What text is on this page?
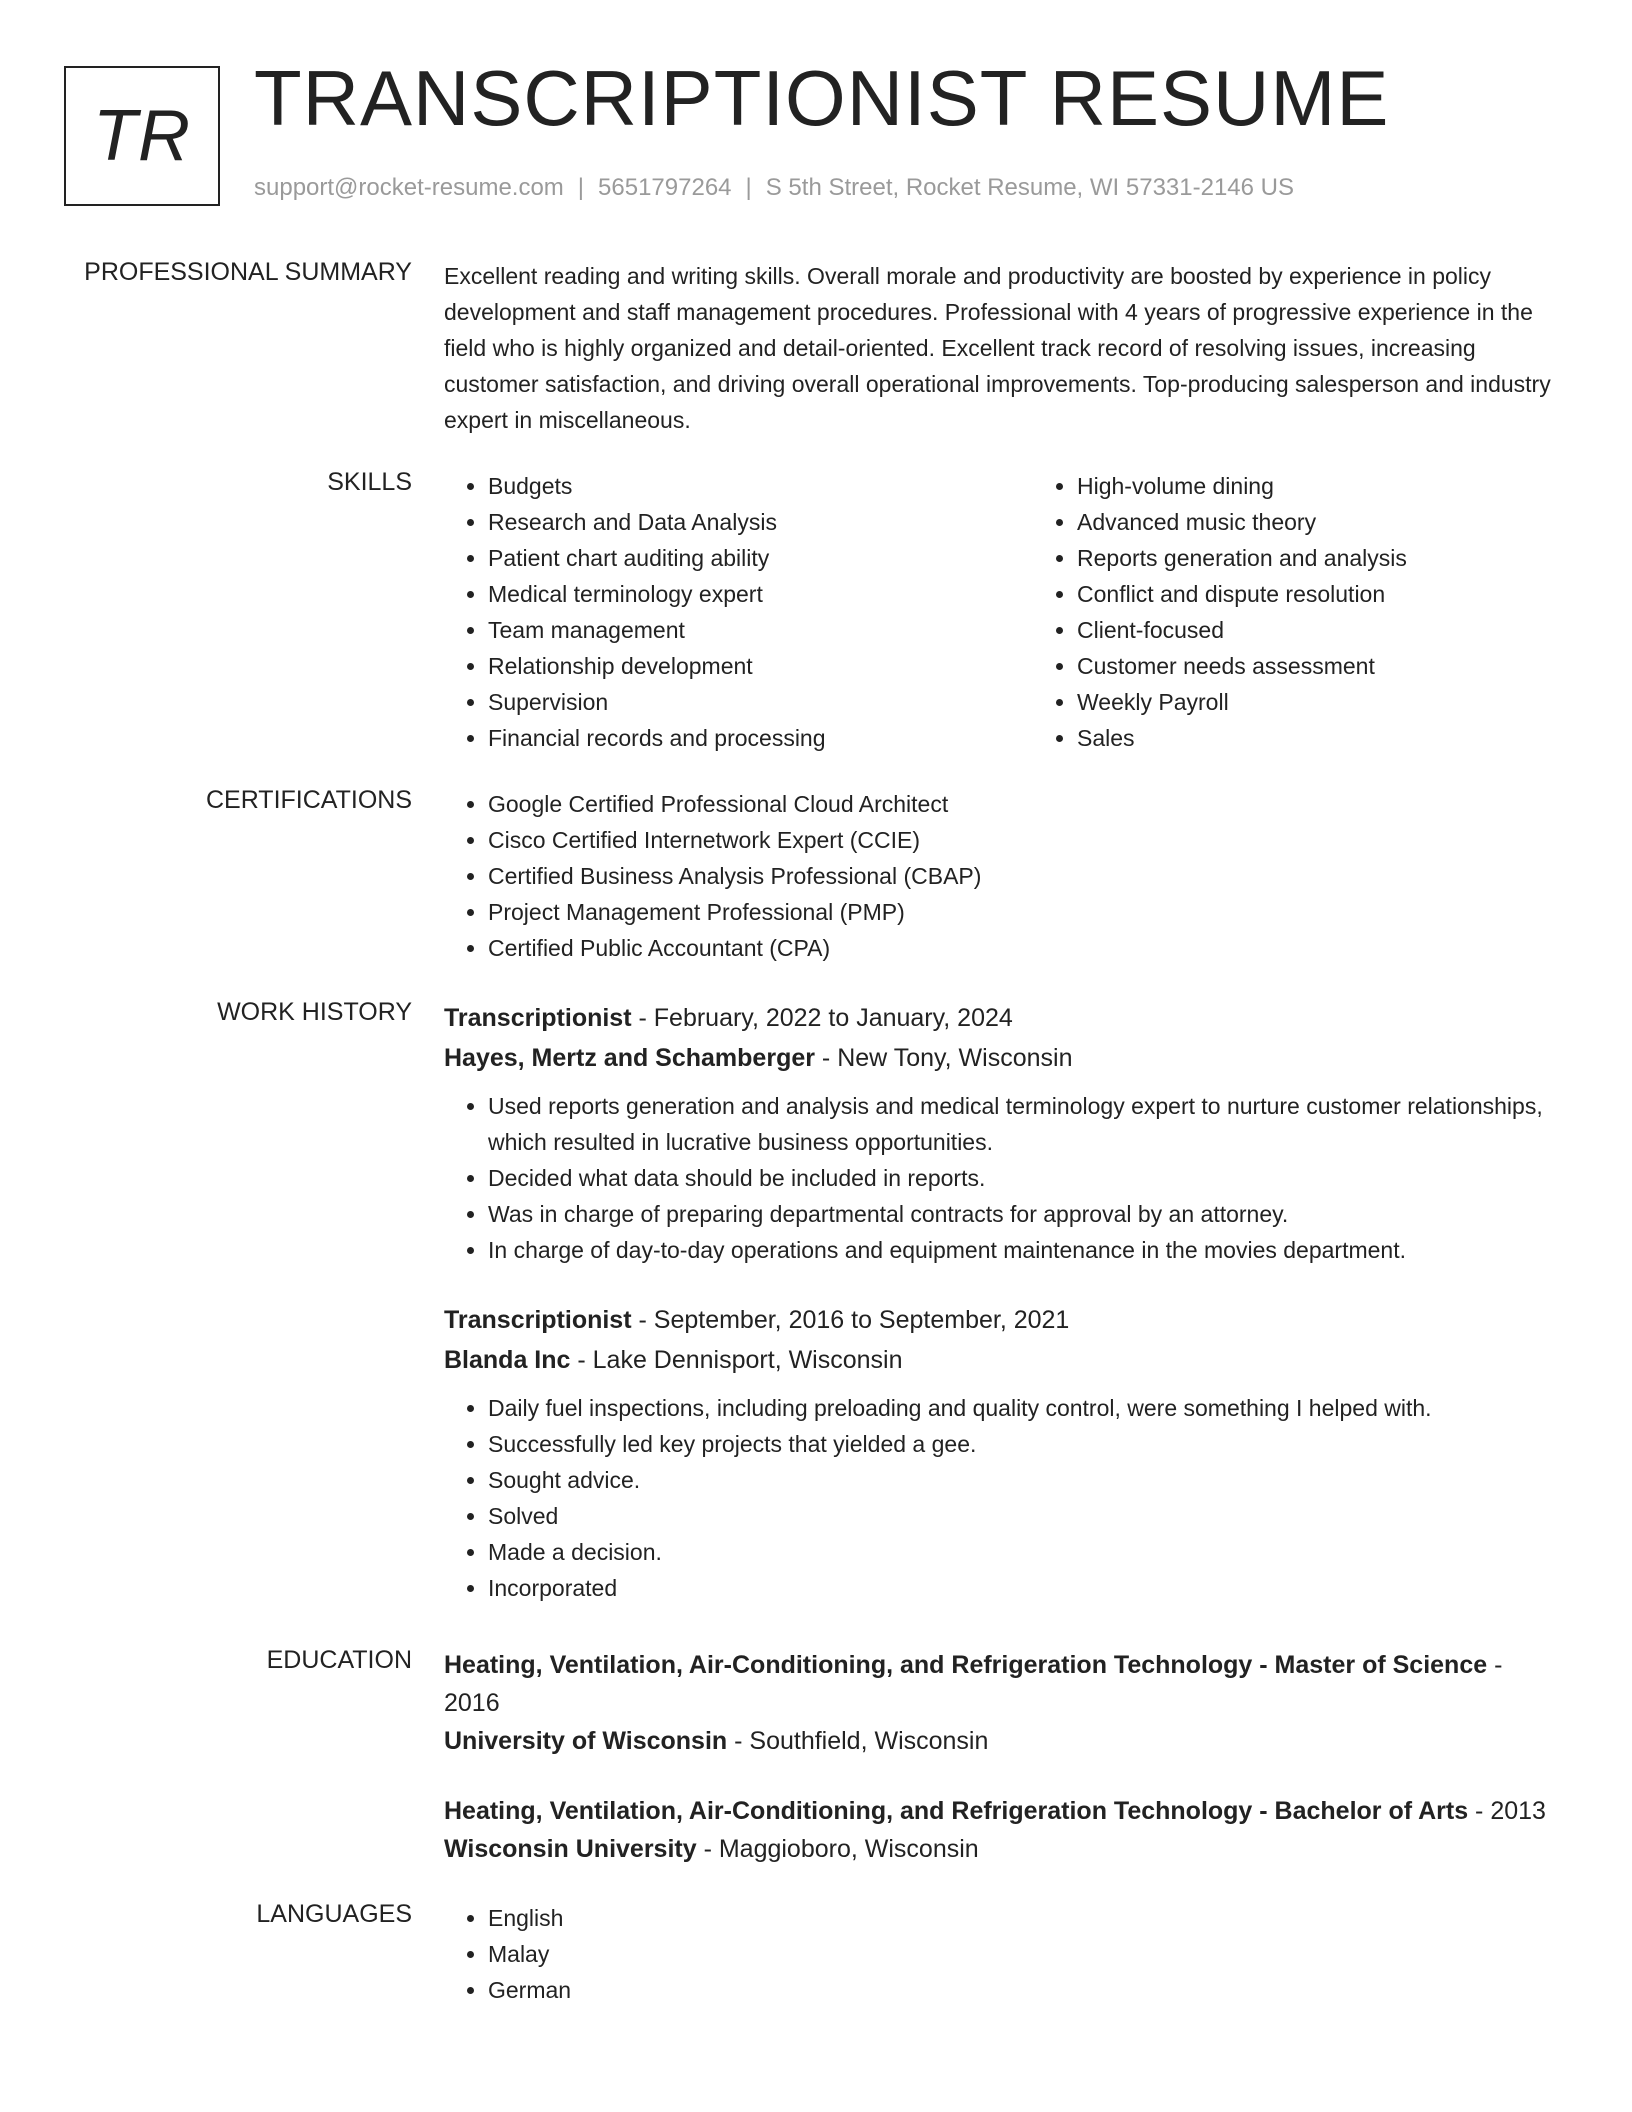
TR TRANSCRIPTIONIST RESUME
support@rocket-resume.com | 5651797264 | S 5th Street, Rocket Resume, WI 57331-2146 US
PROFESSIONAL SUMMARY Excellent reading and writing skills. Overall morale and productivity are boosted by experience in policy development and staff management procedures. Professional with 4 years of progressive experience in the field who is highly organized and detail-oriented. Excellent track record of resolving issues, increasing customer satisfaction, and driving overall operational improvements. Top-producing salesperson and industry expert in miscellaneous.

SKILLS	• Budgets
• Research and Data Analysis
• Patient chart auditing ability
• Medical terminology expert
• Team management
• Relationship development
• Supervision
• Financial records and processing
• High-volume dining
• Advanced music theory
• Reports generation and analysis
• Conflict and dispute resolution
• Client-focused
• Customer needs assessment
• Weekly Payroll
• Sales
CERTIFICATIONS	• Google Certified Professional Cloud Architect
• Cisco Certified Internetwork Expert (CCIE)
• Certified Business Analysis Professional (CBAP)
• Project Management Professional (PMP)
• Certified Public Accountant (CPA)
WORK HISTORY Transcriptionist - February, 2022 to January, 2024
Hayes, Mertz and Schamberger - New Tony, Wisconsin
• Used reports generation and analysis and medical terminology expert to nurture customer relationships, which resulted in lucrative business opportunities.
• Decided what data should be included in reports.
• Was in charge of preparing departmental contracts for approval by an attorney.
• In charge of day-to-day operations and equipment maintenance in the movies department.
Transcriptionist - September, 2016 to September, 2021
Blanda Inc - Lake Dennisport, Wisconsin
• Daily fuel inspections, including preloading and quality control, were something I helped with.
• Successfully led key projects that yielded a gee.
• Sought advice.
• Solved
• Made a decision.
• Incorporated
EDUCATION Heating, Ventilation, Air-Conditioning, and Refrigeration Technology - Master of Science - 2016
University of Wisconsin - Southfield, Wisconsin
Heating, Ventilation, Air-Conditioning, and Refrigeration Technology - Bachelor of Arts - 2013
Wisconsin University - Maggioboro, Wisconsin
LANGUAGES	• English
• Malay
• German
